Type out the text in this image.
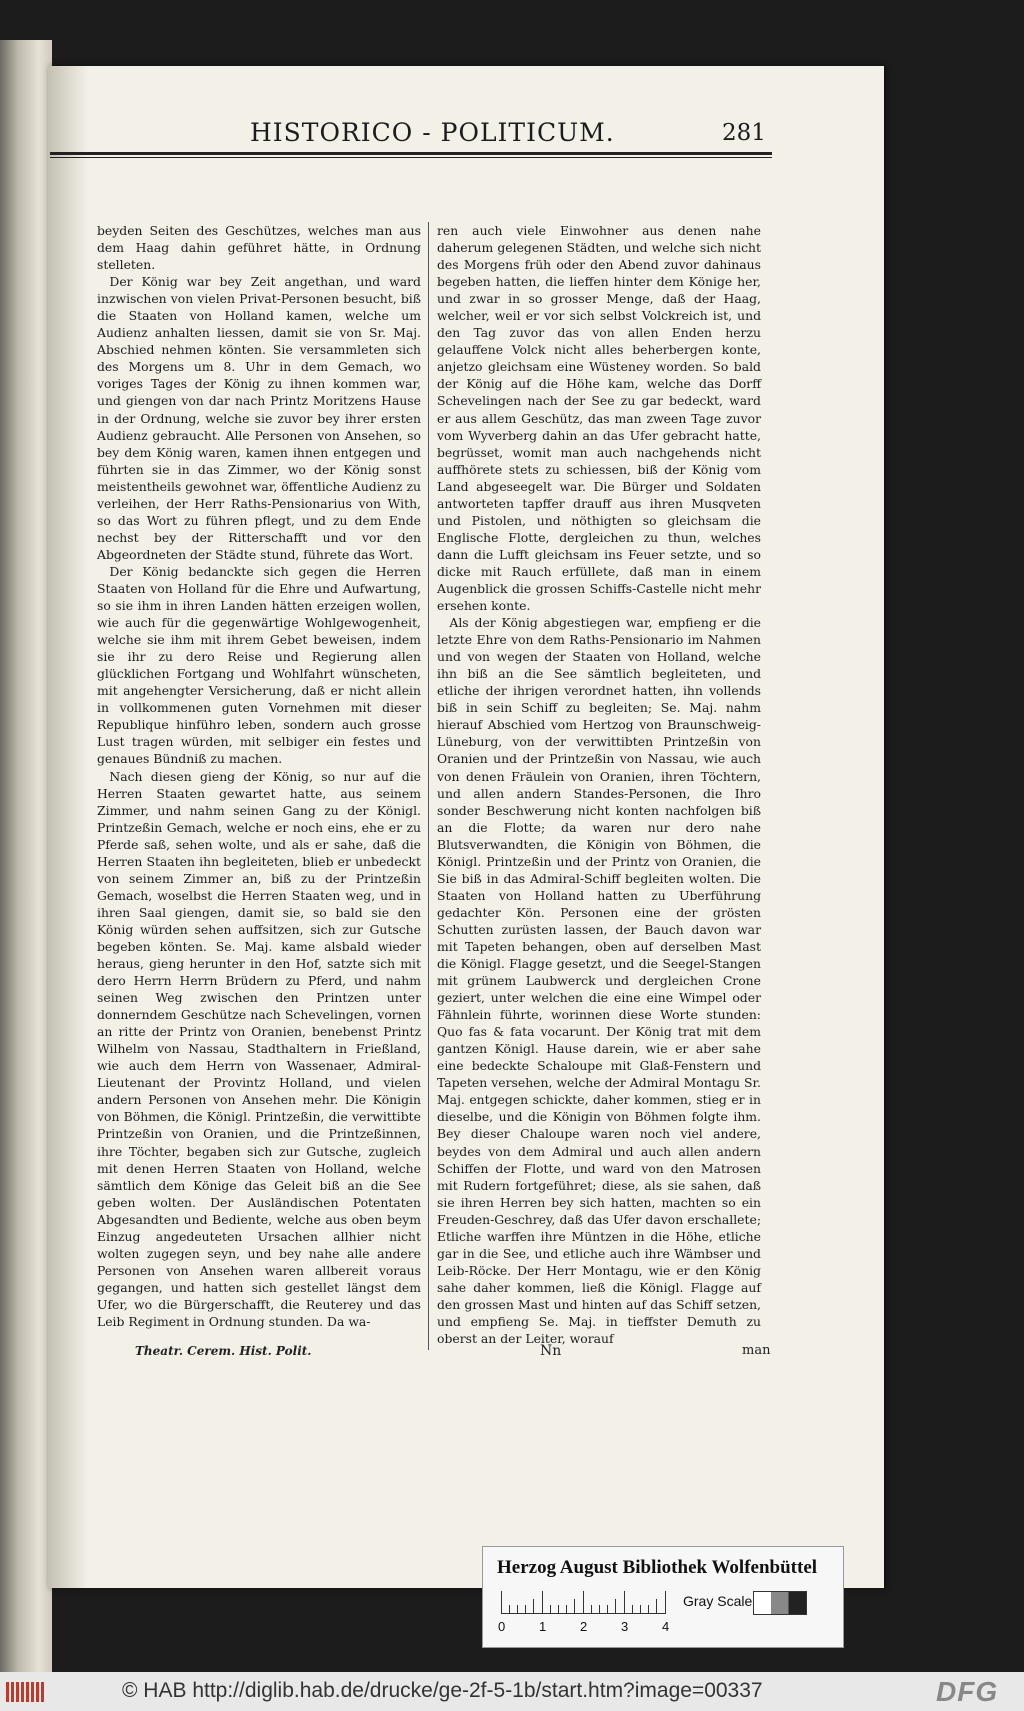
HISTORICO - POLITICUM.	281

beyden Seiten des Geschützes, welches man aus dem Haag dahin geführet hätte, in Ordnung stelleten.

Der König war bey Zeit angethan, und ward inzwischen von vielen Privat-Personen besucht, biß die Staaten von Holland kamen, welche um Audienz anhalten liessen, damit sie von Sr. Maj. Abschied nehmen könten. Sie versammleten sich des Morgens um 8. Uhr in dem Gemach, wo voriges Tages der König zu ihnen kommen war, und giengen von dar nach Printz Moritzens Hause in der Ordnung, welche sie zuvor bey ihrer ersten Audienz gebraucht. Alle Personen von Ansehen, so bey dem König waren, kamen ihnen entgegen und führten sie in das Zimmer, wo der König sonst meistentheils gewohnet war, öffentliche Audienz zu verleihen, der Herr Raths-Pensionarius von With, so das Wort zu führen pflegt, und zu dem Ende nechst bey der Ritterschafft und vor den Abgeordneten der Städte stund, führete das Wort.

Der König bedanckte sich gegen die Herren Staaten von Holland für die Ehre und Aufwartung, so sie ihm in ihren Landen hätten erzeigen wollen, wie auch für die gegenwärtige Wohlgewogenheit, welche sie ihm mit ihrem Gebet beweisen, indem sie ihr zu dero Reise und Regierung allen glücklichen Fortgang und Wohlfahrt wünscheten, mit angehengter Versicherung, daß er nicht allein in vollkommenen guten Vornehmen mit dieser Republique hinführo leben, sondern auch grosse Lust tragen würden, mit selbiger ein festes und genaues Bündniß zu machen.

Nach diesen gieng der König, so nur auf die Herren Staaten gewartet hatte, aus seinem Zimmer, und nahm seinen Gang zu der Königl. Printzeßin Gemach, welche er noch eins, ehe er zu Pferde saß, sehen wolte, und als er sahe, daß die Herren Staaten ihn begleiteten, blieb er unbedeckt von seinem Zimmer an, biß zu der Printzeßin Gemach, woselbst die Herren Staaten weg, und in ihren Saal giengen, damit sie, so bald sie den König würden sehen auffsitzen, sich zur Gutsche begeben könten. Se. Maj. kame alsbald wieder heraus, gieng herunter in den Hof, satzte sich mit dero Herrn Herrn Brüdern zu Pferd, und nahm seinen Weg zwischen den Printzen unter donnerndem Geschütze nach Schevelingen, vornen an ritte der Printz von Oranien, benebenst Printz Wilhelm von Nassau, Stadthaltern in Frießland, wie auch dem Herrn von Wassenaer, Admiral-Lieutenant der Provintz Holland, und vielen andern Personen von Ansehen mehr. Die Königin von Böhmen, die Königl. Printzeßin, die verwittibte Printzeßin von Oranien, und die Printzeßinnen, ihre Töchter, begaben sich zur Gutsche, zugleich mit denen Herren Staaten von Holland, welche sämtlich dem Könige das Geleit biß an die See geben wolten. Der Ausländischen Potentaten Abgesandten und Bediente, welche aus oben beym Einzug angedeuteten Ursachen allhier nicht wolten zugegen seyn, und bey nahe alle andere Personen von Ansehen waren allbereit voraus gegangen, und hatten sich gestellet längst dem Ufer, wo die Bürgerschafft, die Reuterey und das Leib Regiment in Ordnung stunden. Da wa-

ren auch viele Einwohner aus denen nahe daherum gelegenen Städten, und welche sich nicht des Morgens früh oder den Abend zuvor dahinaus begeben hatten, die lieffen hinter dem Könige her, und zwar in so grosser Menge, daß der Haag, welcher, weil er vor sich selbst Volckreich ist, und den Tag zuvor das von allen Enden herzu gelauffene Volck nicht alles beherbergen konte, anjetzo gleichsam eine Wüsteney worden. So bald der König auf die Höhe kam, welche das Dorff Schevelingen nach der See zu gar bedeckt, ward er aus allem Geschütz, das man zween Tage zuvor vom Wyverberg dahin an das Ufer gebracht hatte, begrüsset, womit man auch nachgehends nicht auffhörete stets zu schiessen, biß der König vom Land abgeseegelt war. Die Bürger und Soldaten antworteten tapffer drauff aus ihren Musqveten und Pistolen, und nöthigten so gleichsam die Englische Flotte, dergleichen zu thun, welches dann die Lufft gleichsam ins Feuer setzte, und so dicke mit Rauch erfüllete, daß man in einem Augenblick die grossen Schiffs-Castelle nicht mehr ersehen konte.

Als der König abgestiegen war, empfieng er die letzte Ehre von dem Raths-Pensionario im Nahmen und von wegen der Staaten von Holland, welche ihn biß an die See sämtlich begleiteten, und etliche der ihrigen verordnet hatten, ihn vollends biß in sein Schiff zu begleiten; Se. Maj. nahm hierauf Abschied vom Hertzog von Braunschweig-Lüneburg, von der verwittibten Printzeßin von Oranien und der Printzeßin von Nassau, wie auch von denen Fräulein von Oranien, ihren Töchtern, und allen andern Standes-Personen, die Ihro sonder Beschwerung nicht konten nachfolgen biß an die Flotte; da waren nur dero nahe Blutsverwandten, die Königin von Böhmen, die Königl. Printzeßin und der Printz von Oranien, die Sie biß in das Admiral-Schiff begleiten wolten. Die Staaten von Holland hatten zu Uberführung gedachter Kön. Personen eine der grösten Schutten zurüsten lassen, der Bauch davon war mit Tapeten behangen, oben auf derselben Mast die Königl. Flagge gesetzt, und die Seegel-Stangen mit grünem Laubwerck und dergleichen Crone geziert, unter welchen die eine eine Wimpel oder Fähnlein führte, worinnen diese Worte stunden: Quo fas & fata vocarunt. Der König trat mit dem gantzen Königl. Hause darein, wie er aber sahe eine bedeckte Schaloupe mit Glaß-Fenstern und Tapeten versehen, welche der Admiral Montagu Sr. Maj. entgegen schickte, daher kommen, stieg er in dieselbe, und die Königin von Böhmen folgte ihm. Bey dieser Chaloupe waren noch viel andere, beydes von dem Admiral und auch allen andern Schiffen der Flotte, und ward von den Matrosen mit Rudern fortgeführet; diese, als sie sahen, daß sie ihren Herren bey sich hatten, machten so ein Freuden-Geschrey, daß das Ufer davon erschallete; Etliche warffen ihre Müntzen in die Höhe, etliche gar in die See, und etliche auch ihre Wämbser und Leib-Röcke. Der Herr Montagu, wie er den König sahe daher kommen, ließ die Königl. Flagge auf den grossen Mast und hinten auf das Schiff setzen, und empfieng Se. Maj. in tieffster Demuth zu oberst an der Leiter, worauf

Theatr. Cerem. Hist. Polit.	Nn	man
Herzog August Bibliothek Wolfenbüttel
0	1	2	3	4
Gray Scale
© HAB http://diglib.hab.de/drucke/ge-2f-5-1b/start.htm?image=00337	DFG
